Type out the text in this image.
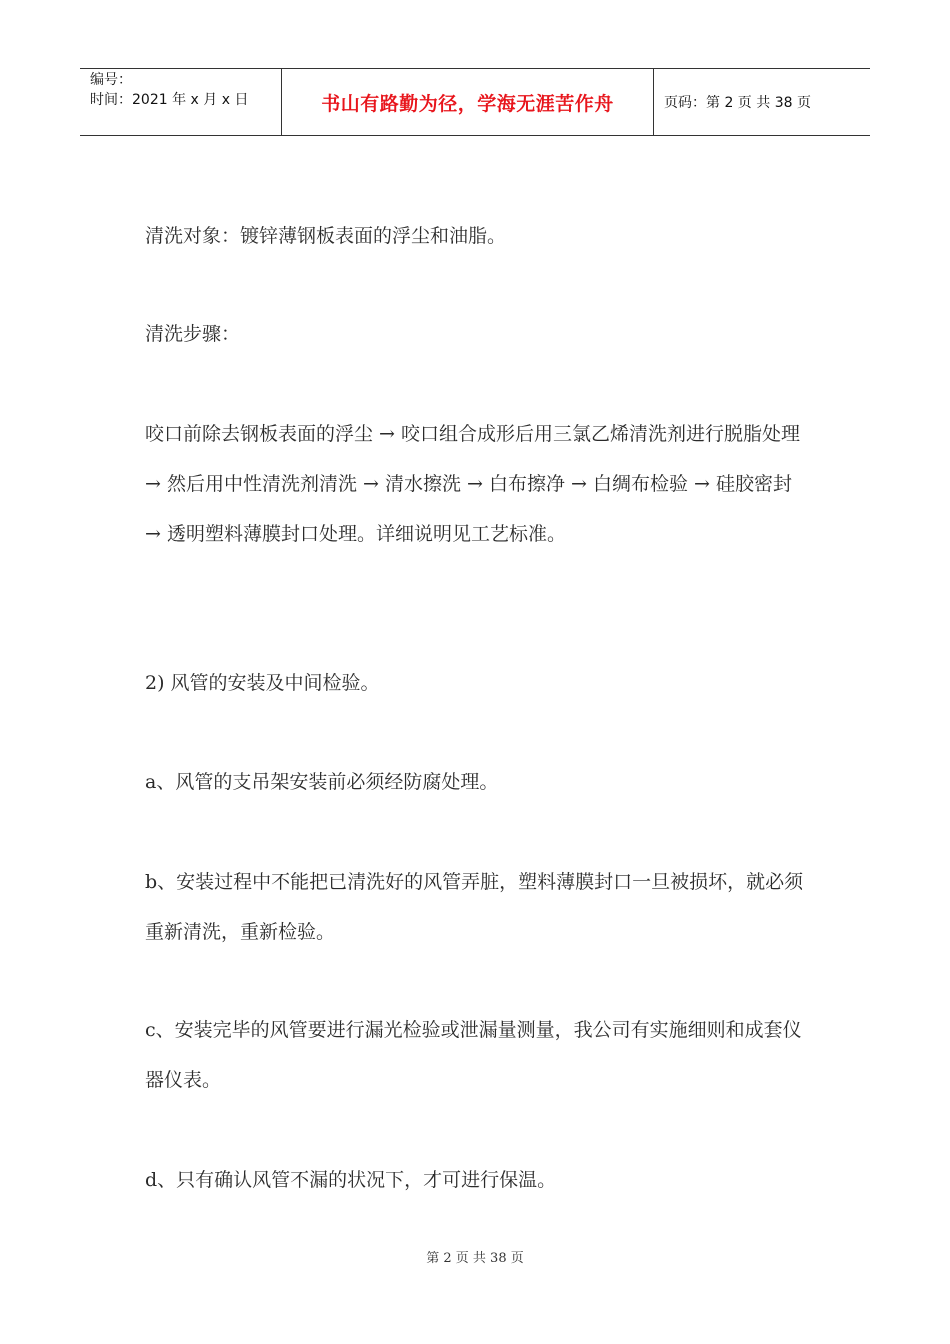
编号：
时间：2021 年 x 月 x 日	书山有路勤为径，学海无涯苦作舟	页码：第 2 页 共 38 页

清洗对象：镀锌薄钢板表面的浮尘和油脂。

清洗步骤：

咬口前除去钢板表面的浮尘 → 咬口组合成形后用三氯乙烯清洗剂进行脱脂处理 → 然后用中性清洗剂清洗 → 清水擦洗 → 白布擦净 → 白绸布检验 → 硅胶密封 → 透明塑料薄膜封口处理。详细说明见工艺标准。

2) 风管的安装及中间检验。

a、风管的支吊架安装前必须经防腐处理。

b、安装过程中不能把已清洗好的风管弄脏，塑料薄膜封口一旦被损坏，就必须重新清洗，重新检验。

c、安装完毕的风管要进行漏光检验或泄漏量测量，我公司有实施细则和成套仪器仪表。

d、只有确认风管不漏的状况下，才可进行保温。

第 2 页 共 38 页
